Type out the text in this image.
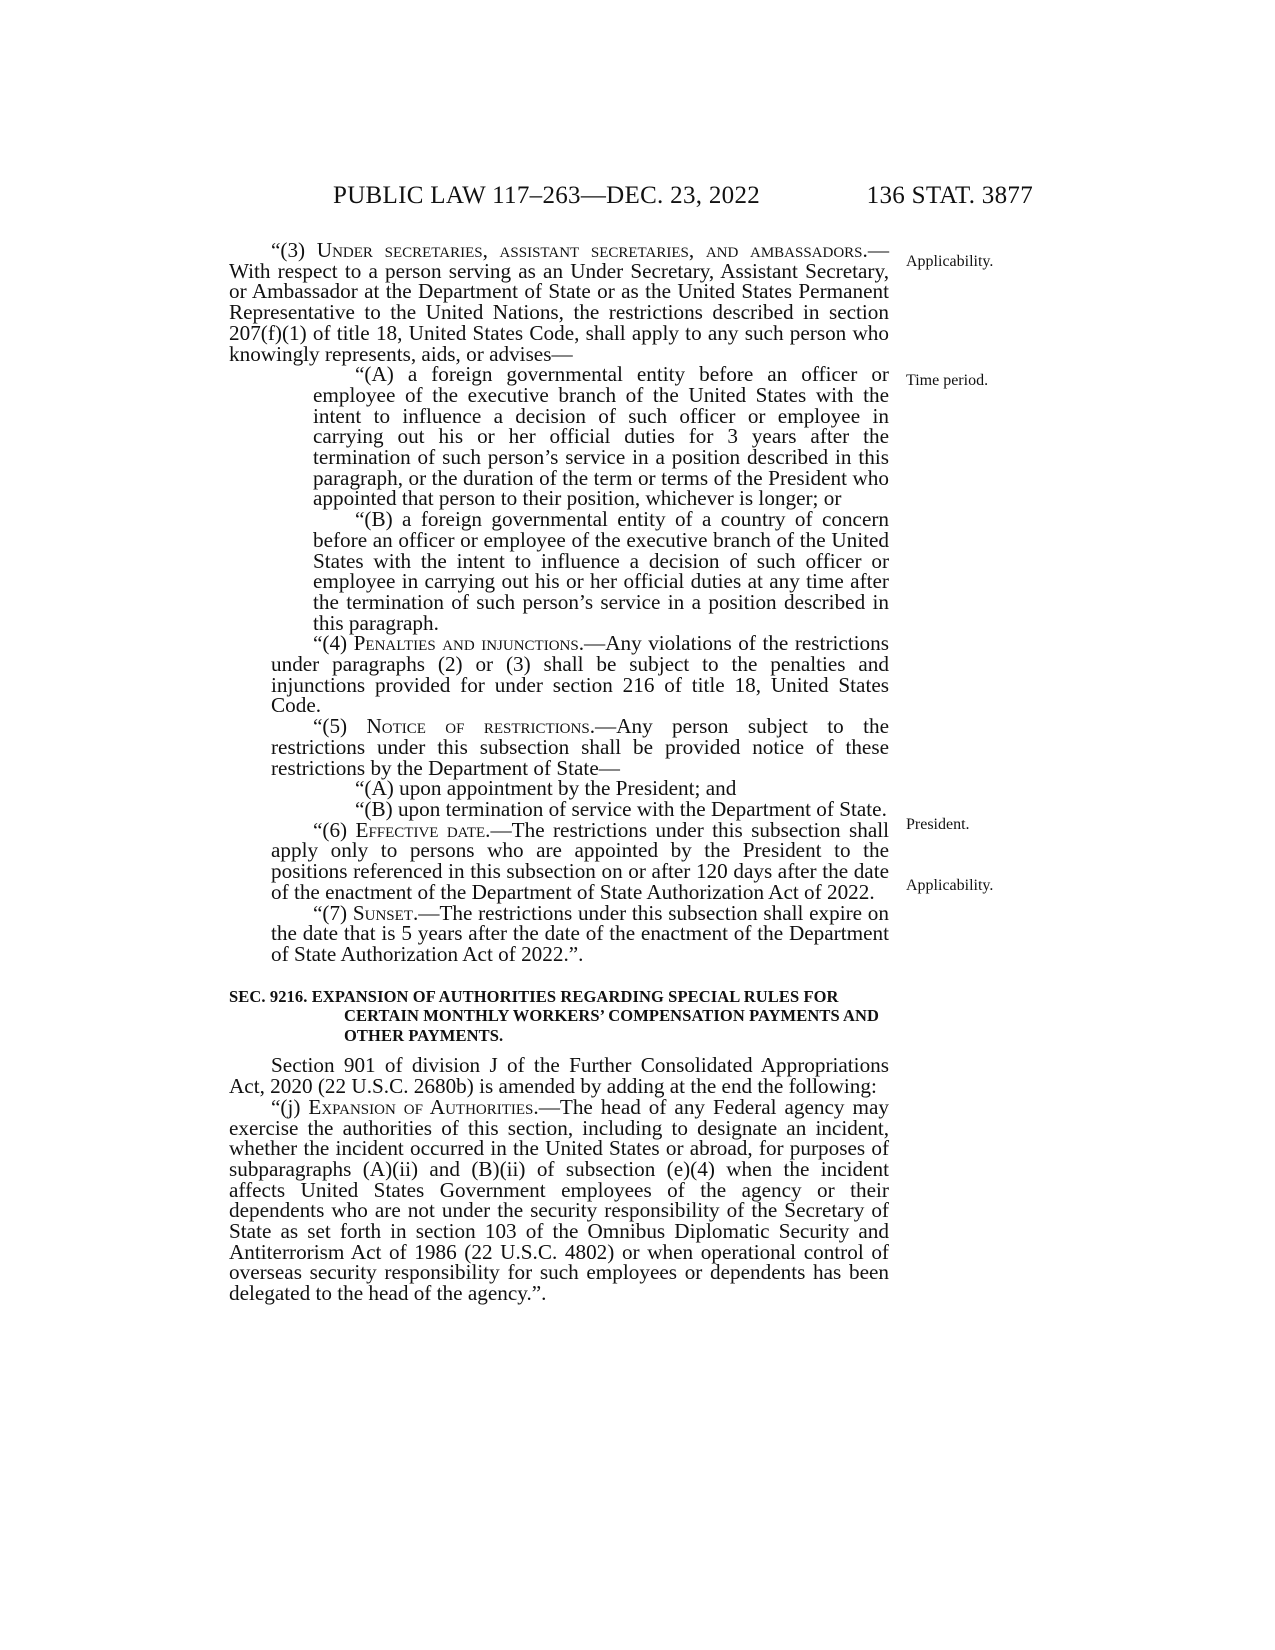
PUBLIC LAW 117–263—DEC. 23, 2022	136 STAT. 3877
Applicability.
Time period.
President.
Applicability.

“(3) Under secretaries, assistant secretaries, and ambassadors.—With respect to a person serving as an Under Secretary, Assistant Secretary, or Ambassador at the Department of State or as the United States Permanent Representative to the United Nations, the restrictions described in section 207(f)(1) of title 18, United States Code, shall apply to any such person who knowingly represents, aids, or advises—

“(A) a foreign governmental entity before an officer or employee of the executive branch of the United States with the intent to influence a decision of such officer or employee in carrying out his or her official duties for 3 years after the termination of such person’s service in a position described in this paragraph, or the duration of the term or terms of the President who appointed that person to their position, whichever is longer; or

“(B) a foreign governmental entity of a country of concern before an officer or employee of the executive branch of the United States with the intent to influence a decision of such officer or employee in carrying out his or her official duties at any time after the termination of such person’s service in a position described in this paragraph.

“(4) Penalties and injunctions.—Any violations of the restrictions under paragraphs (2) or (3) shall be subject to the penalties and injunctions provided for under section 216 of title 18, United States Code.

“(5) Notice of restrictions.—Any person subject to the restrictions under this subsection shall be provided notice of these restrictions by the Department of State—

“(A) upon appointment by the President; and

“(B) upon termination of service with the Department of State.

“(6) Effective date.—The restrictions under this subsection shall apply only to persons who are appointed by the President to the positions referenced in this subsection on or after 120 days after the date of the enactment of the Department of State Authorization Act of 2022.

“(7) Sunset.—The restrictions under this subsection shall expire on the date that is 5 years after the date of the enactment of the Department of State Authorization Act of 2022.”.

SEC. 9216. EXPANSION OF AUTHORITIES REGARDING SPECIAL RULES FOR CERTAIN MONTHLY WORKERS’ COMPENSATION PAYMENTS AND OTHER PAYMENTS.

Section 901 of division J of the Further Consolidated Appropriations Act, 2020 (22 U.S.C. 2680b) is amended by adding at the end the following:

“(j) Expansion of Authorities.—The head of any Federal agency may exercise the authorities of this section, including to designate an incident, whether the incident occurred in the United States or abroad, for purposes of subparagraphs (A)(ii) and (B)(ii) of subsection (e)(4) when the incident affects United States Government employees of the agency or their dependents who are not under the security responsibility of the Secretary of State as set forth in section 103 of the Omnibus Diplomatic Security and Antiterrorism Act of 1986 (22 U.S.C. 4802) or when operational control of overseas security responsibility for such employees or dependents has been delegated to the head of the agency.”.
